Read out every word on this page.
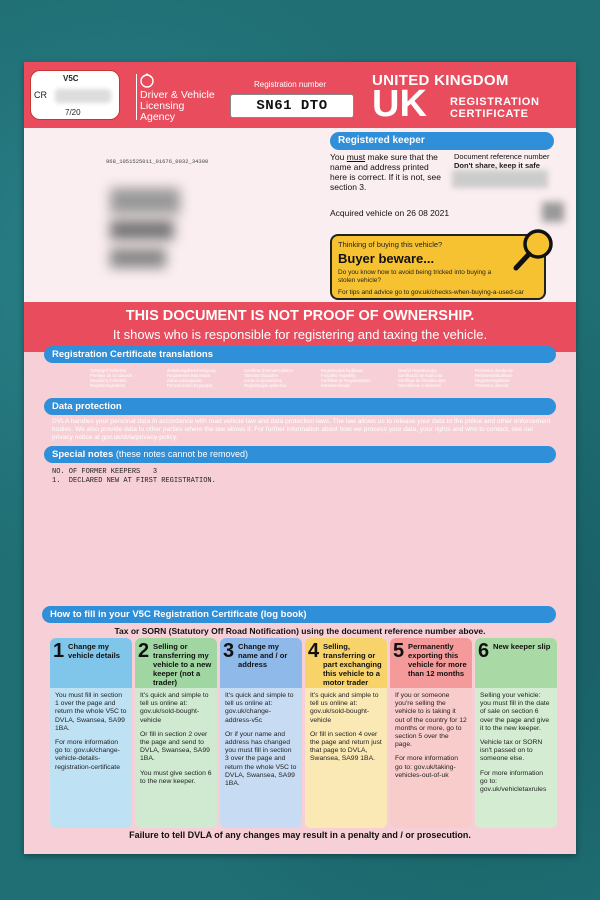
V5C
CR
7/20
Driver & Vehicle
Licensing
Agency
Registration number
SN61 DTO
UNITED KINGDOM
UK REGISTRATION
CERTIFICATE
968_1051525011_01676_0032_34300
Registered keeper
You must make sure that the name and address printed here is correct. If it is not, see section 3.
Document reference number
Don't share, keep it safe
Acquired vehicle on 26 08 2021
Thinking of buying this vehicle?
Buyer beware...
Do you know how to avoid being tricked into buying a stolen vehicle?
For tips and advice go to gov.uk/checks-when-buying-a-used-car
THIS DOCUMENT IS NOT PROOF OF OWNERSHIP.
It shows who is responsible for registering and taxing the vehicle.
Registration Certificate translations
Tystysgrif Gofrestru
Permiso de circulación
Davidoc's Cofrestru
Registreringsattest
Zulassungsbescheinigung
Registreerimistunnistus
Άδεια κυκλοφορίας
Πιστοποιητικό Εγγραφής
Certificat d'immatriculation
Taisnlos Dilaraithe
Carta di circolazione
Reģistrācijas apliecība
Registracijos liudijimas
Forgalmi engedély
Certifikat ta' Registrazzjoni
Kentekenbewijs
Dowód Rejestracyjny
Certificado de matrícula
Certificat de înmatriculare
Osvedčenie o evidencii
Prometno dovoljenje
Rekisteröintitodistus
Registreringsbevis
Prometna dozvola
Data protection
DVLA handles your personal data in accordance with road vehicle law and data protection laws. The law allows us to release your data to the police and other enforcement bodies. We also provide data to other parties where the law allows it. For further information about how we process your data, your rights and who to contact, see our privacy notice at gov.uk/dvla/privacy-policy.
Special notes (these notes cannot be removed)
NO. OF FORMER KEEPERS   3
1.  DECLARED NEW AT FIRST REGISTRATION.
How to fill in your V5C Registration Certificate (log book)
Tax or SORN (Statutory Off Road Notification) using the document reference number above.
1 Change my vehicle details

You must fill in section 1 over the page and return the whole V5C to DVLA, Swansea, SA99 1BA.

For more information go to: gov.uk/change-vehicle-details-registration-certificate

2 Selling or transferring my vehicle to a new keeper (not a trader)

It's quick and simple to tell us online at: gov.uk/sold-bought-vehicle

Or fill in section 2 over the page and send to DVLA, Swansea, SA99 1BA.

You must give section 6 to the new keeper.

3 Change my name and / or address

It's quick and simple to tell us online at: gov.uk/change-address-v5c

Or if your name and address has changed you must fill in section 3 over the page and return the whole V5C to DVLA, Swansea, SA99 1BA.

4 Selling, transferring or part exchanging this vehicle to a motor trader

It's quick and simple to tell us online at: gov.uk/sold-bought-vehicle

Or fill in section 4 over the page and return just that page to DVLA, Swansea, SA99 1BA.

5 Permanently exporting this vehicle for more than 12 months

If you or someone you're selling the vehicle to is taking it out of the country for 12 months or more, go to section 5 over the page.

For more information go to: gov.uk/taking-vehicles-out-of-uk

6 New keeper slip

Selling your vehicle: you must fill in the date of sale on section 6 over the page and give it to the new keeper.

Vehicle tax or SORN isn't passed on to someone else.

For more information go to: gov.uk/vehicletaxrules

Failure to tell DVLA of any changes may result in a penalty and / or prosecution.
